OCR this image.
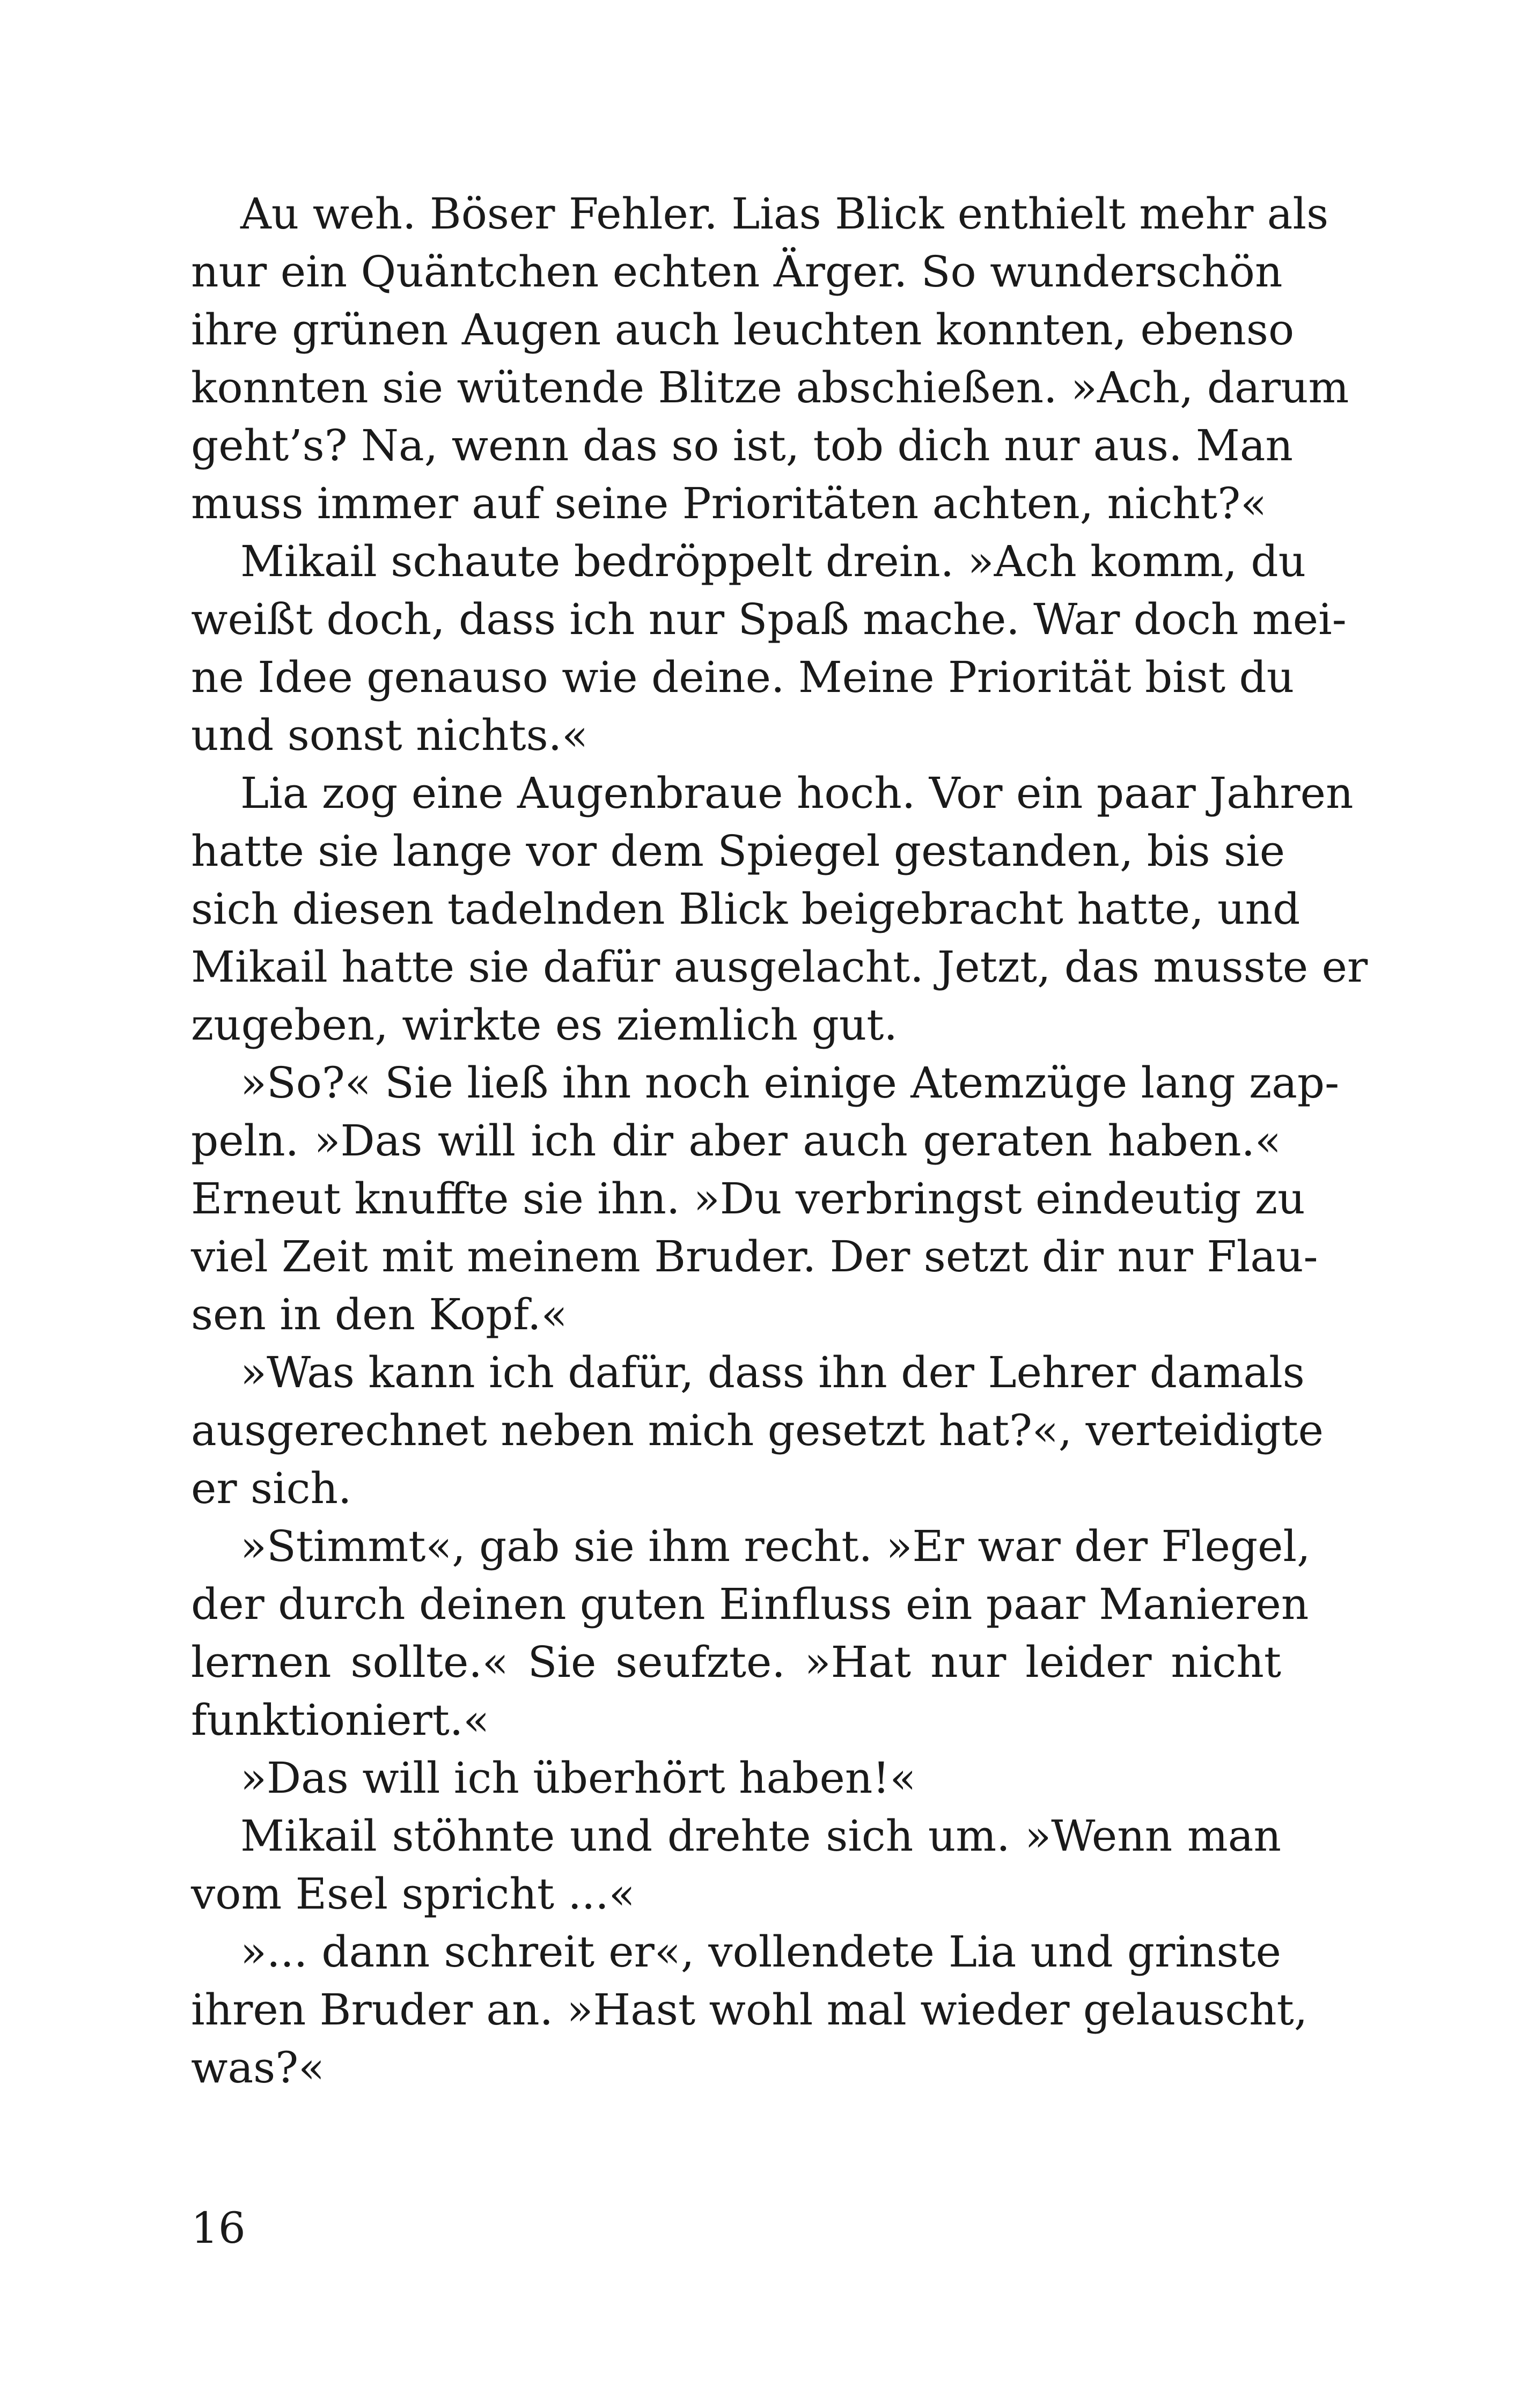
Au weh. Böser Fehler. Lias Blick enthielt mehr als
nur ein Quäntchen echten Ärger. So wunderschön
ihre grünen Augen auch leuchten konnten, ebenso
konnten sie wütende Blitze abschießen. »Ach, darum
geht’s? Na, wenn das so ist, tob dich nur aus. Man
muss immer auf seine Prioritäten achten, nicht?«
Mikail schaute bedröppelt drein. »Ach komm, du
weißt doch, dass ich nur Spaß mache. War doch mei-
ne Idee genauso wie deine. Meine Priorität bist du
und sonst nichts.«
Lia zog eine Augenbraue hoch. Vor ein paar Jahren
hatte sie lange vor dem Spiegel gestanden, bis sie
sich diesen tadelnden Blick beigebracht hatte, und
Mikail hatte sie dafür ausgelacht. Jetzt, das musste er
zugeben, wirkte es ziemlich gut.
»So?« Sie ließ ihn noch einige Atemzüge lang zap-
peln. »Das will ich dir aber auch geraten haben.«
Erneut knuffte sie ihn. »Du verbringst eindeutig zu
viel Zeit mit meinem Bruder. Der setzt dir nur Flau-
sen in den Kopf.«
»Was kann ich dafür, dass ihn der Lehrer damals
ausgerechnet neben mich gesetzt hat?«, verteidigte
er sich.
»Stimmt«, gab sie ihm recht. »Er war der Flegel,
der durch deinen guten Einfluss ein paar Manieren
lernen sollte.« Sie seufzte. »Hat nur leider nicht
funktioniert.«
»Das will ich überhört haben!«
Mikail stöhnte und drehte sich um. »Wenn man
vom Esel spricht ...«
»... dann schreit er«, vollendete Lia und grinste
ihren Bruder an. »Hast wohl mal wieder gelauscht,
was?«
16
